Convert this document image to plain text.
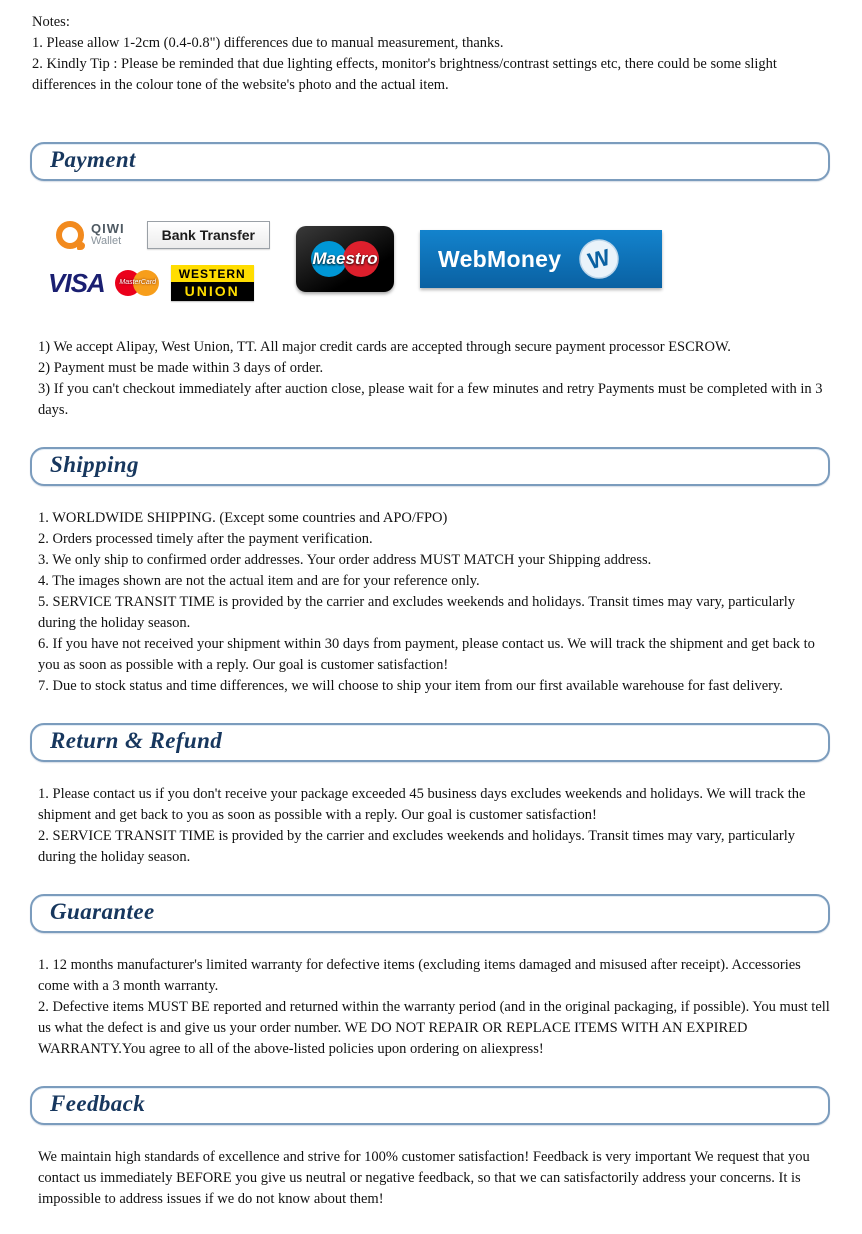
Notes:

1. Please allow 1-2cm (0.4-0.8") differences due to manual measurement, thanks.

2. Kindly Tip : Please be reminded that due lighting effects, monitor's brightness/contrast settings etc, there could be some slight differences in the colour tone of the website's photo and the actual item.

Payment
QIWI
Wallet	Bank Transfer
VISA	MasterCard
WESTERN
UNION
Maestro	WebMoney W

1) We accept Alipay, West Union, TT. All major credit cards are accepted through secure payment processor ESCROW.

2) Payment must be made within 3 days of order.

3) If you can't checkout immediately after auction close, please wait for a few minutes and retry Payments must be completed with in 3 days.

Shipping

1. WORLDWIDE SHIPPING. (Except some countries and APO/FPO)

2. Orders processed timely after the payment verification.

3. We only ship to confirmed order addresses. Your order address MUST MATCH your Shipping address.

4. The images shown are not the actual item and are for your reference only.

5. SERVICE TRANSIT TIME is provided by the carrier and excludes weekends and holidays. Transit times may vary, particularly during the holiday season.

6. If you have not received your shipment within 30 days from payment, please contact us. We will track the shipment and get back to you as soon as possible with a reply. Our goal is customer satisfaction!

7. Due to stock status and time differences, we will choose to ship your item from our first available warehouse for fast delivery.

Return & Refund

1. Please contact us if you don't receive your package exceeded 45 business days excludes weekends and holidays. We will track the shipment and get back to you as soon as possible with a reply. Our goal is customer satisfaction!

2. SERVICE TRANSIT TIME is provided by the carrier and excludes weekends and holidays. Transit times may vary, particularly during the holiday season.

Guarantee

1. 12 months manufacturer's limited warranty for defective items (excluding items damaged and misused after receipt). Accessories come with a 3 month warranty.

2. Defective items MUST BE reported and returned within the warranty period (and in the original packaging, if possible). You must tell us what the defect is and give us your order number. WE DO NOT REPAIR OR REPLACE ITEMS WITH AN EXPIRED WARRANTY.You agree to all of the above-listed policies upon ordering on aliexpress!

Feedback

We maintain high standards of excellence and strive for 100% customer satisfaction! Feedback is very important We request that you contact us immediately BEFORE you give us neutral or negative feedback, so that we can satisfactorily address your concerns. It is impossible to address issues if we do not know about them!
